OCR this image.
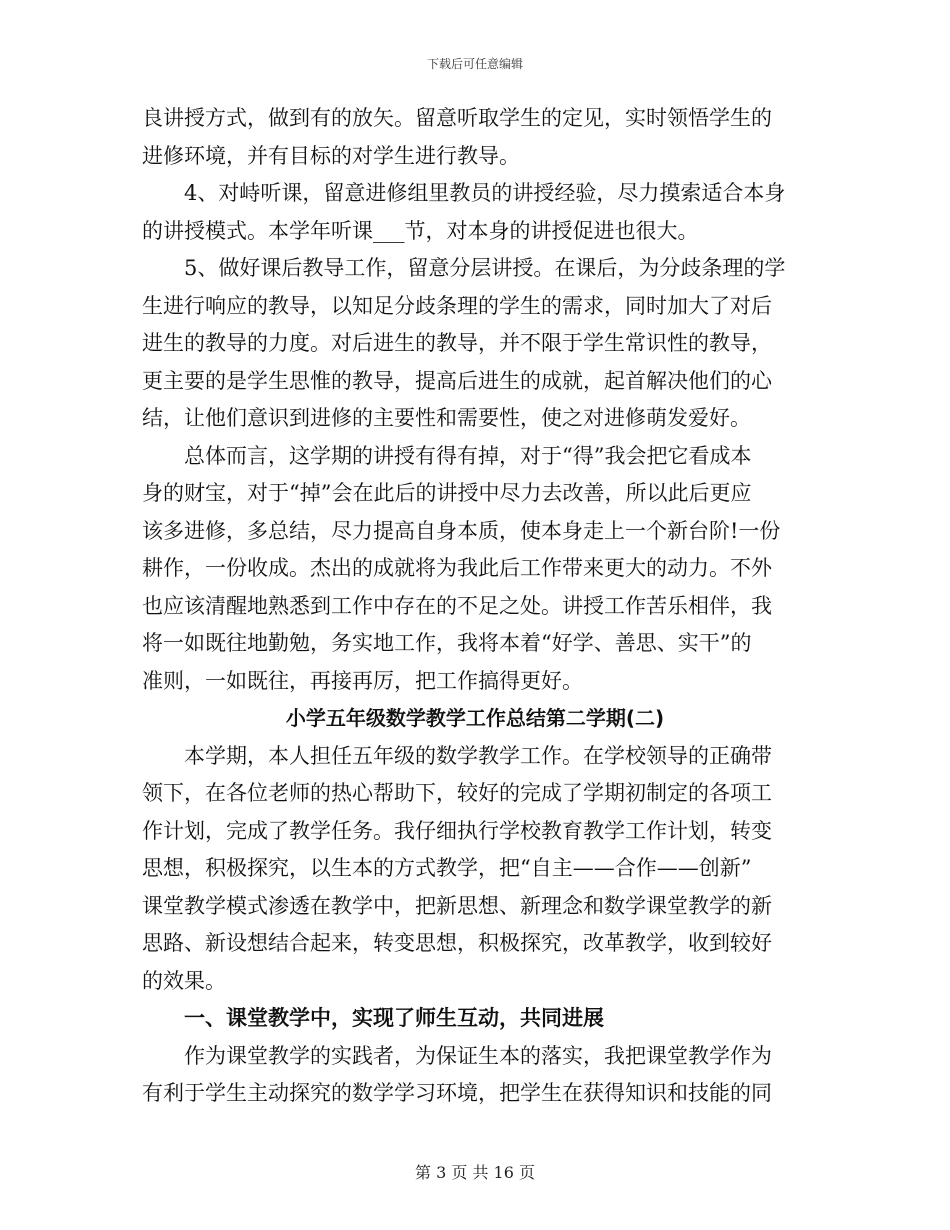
下载后可任意编辑
良讲授方式，做到有的放矢。留意听取学生的定见，实时领悟学生的
进修环境，并有目标的对学生进行教导。
4、对峙听课，留意进修组里教员的讲授经验，尽力摸索适合本身
的讲授模式。本学年听课___节，对本身的讲授促进也很大。
5、做好课后教导工作，留意分层讲授。在课后，为分歧条理的学
生进行响应的教导，以知足分歧条理的学生的需求，同时加大了对后
进生的教导的力度。对后进生的教导，并不限于学生常识性的教导，
更主要的是学生思惟的教导，提高后进生的成就，起首解决他们的心
结，让他们意识到进修的主要性和需要性，使之对进修萌发爱好。
总体而言，这学期的讲授有得有掉，对于“得”我会把它看成本
身的财宝，对于“掉”会在此后的讲授中尽力去改善，所以此后更应
该多进修，多总结，尽力提高自身本质，使本身走上一个新台阶!一份
耕作，一份收成。杰出的成就将为我此后工作带来更大的动力。不外
也应该清醒地熟悉到工作中存在的不足之处。讲授工作苦乐相伴，我
将一如既往地勤勉，务实地工作，我将本着“好学、善思、实干”的
准则，一如既往，再接再厉，把工作搞得更好。
小学五年级数学教学工作总结第二学期(二)
本学期，本人担任五年级的数学教学工作。在学校领导的正确带
领下，在各位老师的热心帮助下，较好的完成了学期初制定的各项工
作计划，完成了教学任务。我仔细执行学校教育教学工作计划，转变
思想，积极探究，以生本的方式教学，把“自主——合作——创新”
课堂教学模式渗透在教学中，把新思想、新理念和数学课堂教学的新
思路、新设想结合起来，转变思想，积极探究，改革教学，收到较好
的效果。
一、课堂教学中，实现了师生互动，共同进展
作为课堂教学的实践者，为保证生本的落实，我把课堂教学作为
有利于学生主动探究的数学学习环境，把学生在获得知识和技能的同
第 3 页 共 16 页
